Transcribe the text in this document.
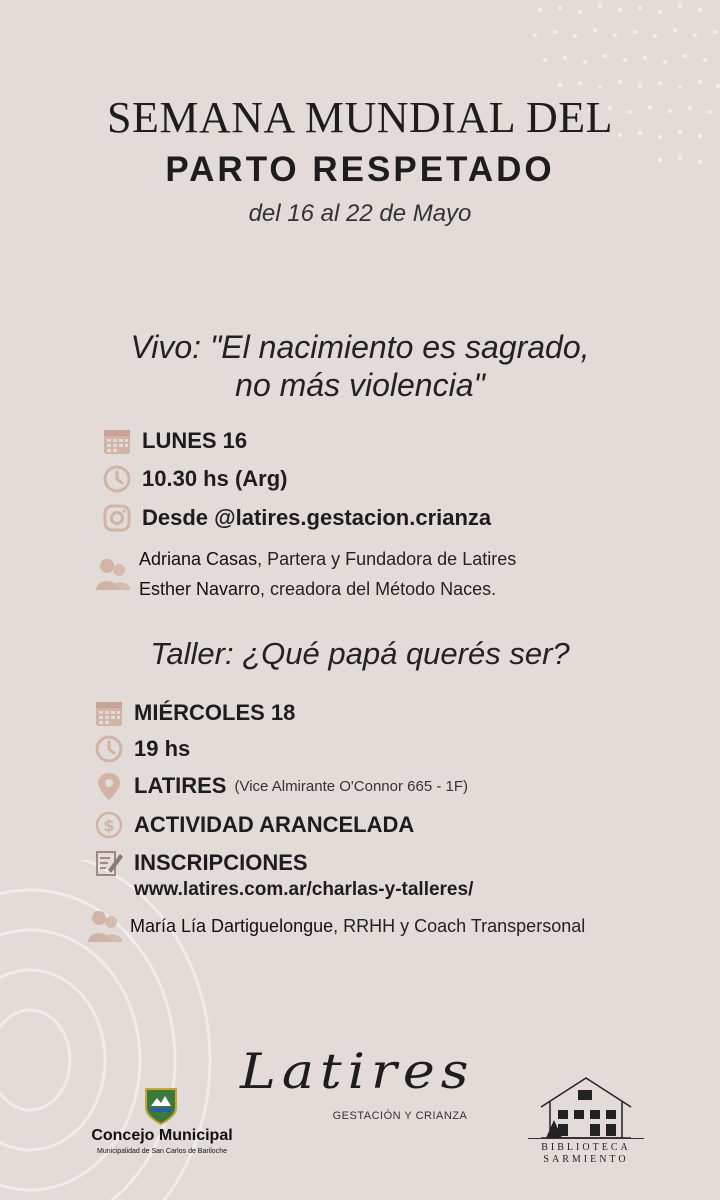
SEMANA MUNDIAL DEL
PARTO RESPETADO
del 16 al 22 de Mayo
Vivo: "El nacimiento es sagrado,
no más violencia"
LUNES 16
10.30 hs (Arg)
Desde @latires.gestacion.crianza
Adriana Casas, Partera y Fundadora de Latires
Esther Navarro, creadora del Método Naces.
Taller: ¿Qué papá querés ser?
MIÉRCOLES 18
19 hs
LATIRES (Vice Almirante O'Connor 665 - 1F)
$ ACTIVIDAD ARANCELADA
INSCRIPCIONES
www.latires.com.ar/charlas-y-talleres/
María Lía Dartiguelongue, RRHH y Coach Transpersonal
Concejo Municipal
Municipalidad de San Carlos de Bariloche
Latires
GESTACIÓN Y CRIANZA
BIBLIOTECA
SARMIENTO
